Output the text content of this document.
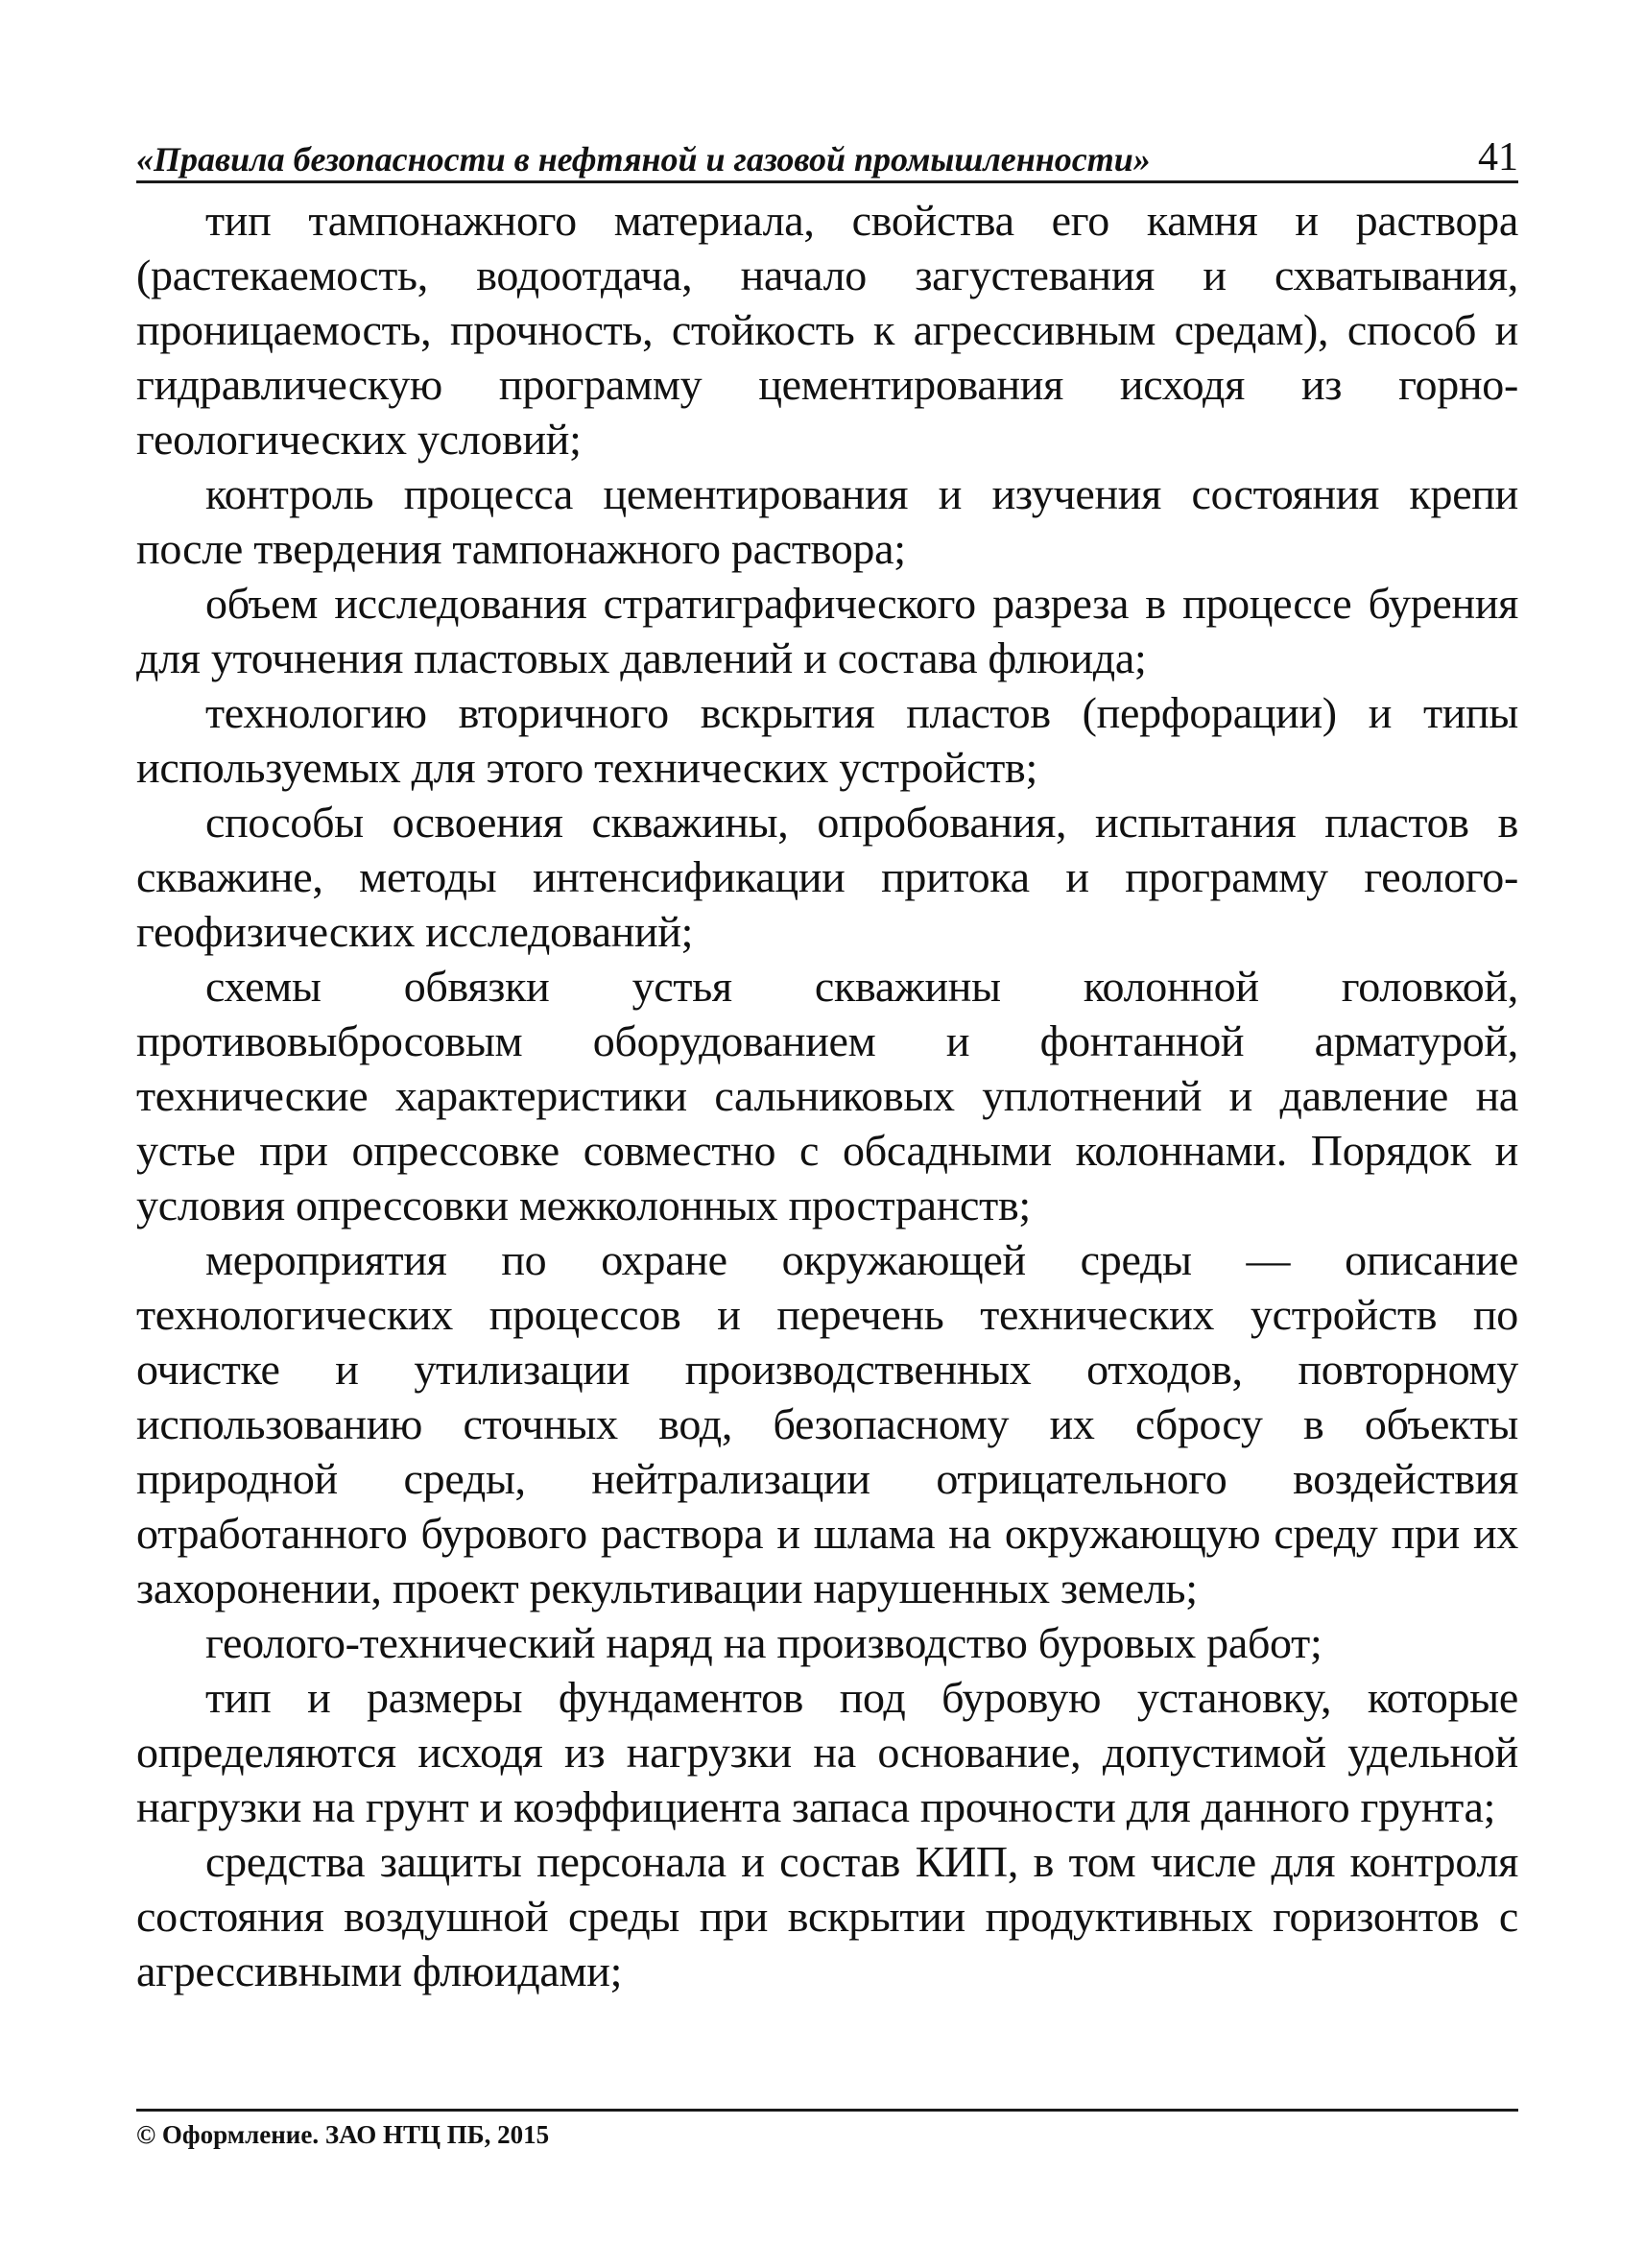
«Правила безопасности в нефтяной и газовой промышленности»	41

тип тампонажного материала, свойства его камня и раствора (растекаемость, водоотдача, начало загустевания и схватывания, проницаемость, прочность, стойкость к агрессивным средам), способ и гидравлическую программу цементирования исходя из горно-геологических условий;

контроль процесса цементирования и изучения состояния крепи после твердения тампонажного раствора;

объем исследования стратиграфического разреза в процессе бурения для уточнения пластовых давлений и состава флюида;

технологию вторичного вскрытия пластов (перфорации) и типы используемых для этого технических устройств;

способы освоения скважины, опробования, испытания пластов в скважине, методы интенсификации притока и программу геолого-геофизических исследований;

схемы обвязки устья скважины колонной головкой, противовыбросовым оборудованием и фонтанной арматурой, технические характеристики сальниковых уплотнений и давление на устье при опрессовке совместно с обсадными колоннами. Порядок и условия опрессовки межколонных пространств;

мероприятия по охране окружающей среды — описание технологических процессов и перечень технических устройств по очистке и утилизации производственных отходов, повторному использованию сточных вод, безопасному их сбросу в объекты природной среды, нейтрализации отрицательного воздействия отработанного бурового раствора и шлама на окружающую среду при их захоронении, проект рекультивации нарушенных земель;

геолого-технический наряд на производство буровых работ;

тип и размеры фундаментов под буровую установку, которые определяются исходя из нагрузки на основание, допустимой удельной нагрузки на грунт и коэффициента запаса прочности для данного грунта;

средства защиты персонала и состав КИП, в том числе для контроля состояния воздушной среды при вскрытии продуктивных горизонтов с агрессивными флюидами;

© Оформление. ЗАО НТЦ ПБ, 2015
